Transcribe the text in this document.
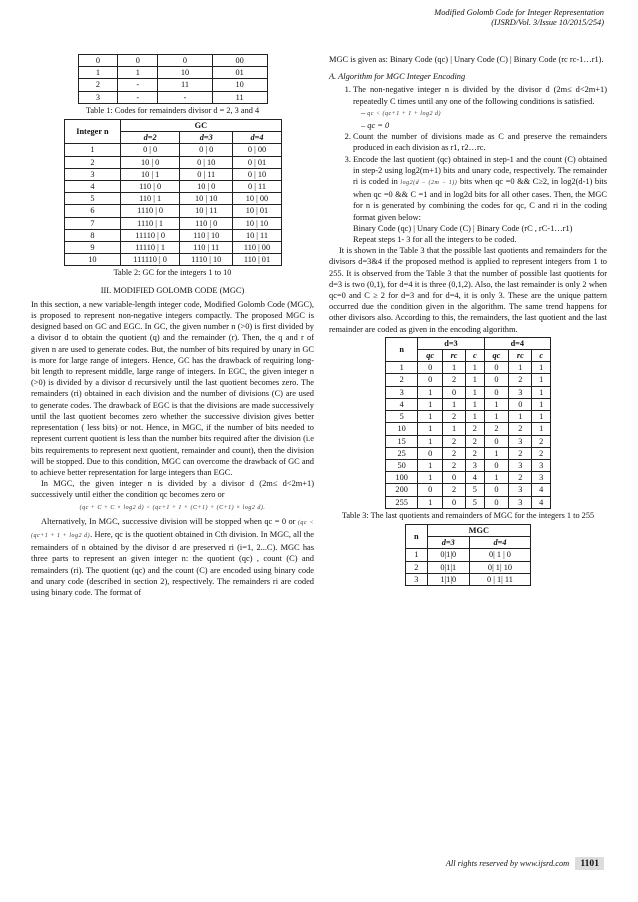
Modified Golomb Code for Integer Representation
(IJSRD/Vol. 3/Issue 10/2015/254)
0	0	0	00
1	1	10	01
2	-	11	10
3	-	-	11
Table 1: Codes for remainders divisor d = 2, 3 and 4
Integer n	GC		
	d=2	d=3	d=4
1	0 | 0	0 | 0	0 | 00
2	10 | 0	0 | 10	0 | 01
3	10 | 1	0 | 11	0 | 10
4	110 | 0	10 | 0	0 | 11
5	110 | 1	10 | 10	10 | 00
6	1110 | 0	10 | 11	10 | 01
7	1110 | 1	110 | 0	10 | 10
8	11110 | 0	110 | 10	10 | 11
9	11110 | 1	110 | 11	110 | 00
10	111110 | 0	1110 | 10	110 | 01
Table 2: GC for the integers 1 to 10
III. MODIFIED GOLOMB CODE (MGC)

In this section, a new variable-length integer code, Modified Golomb Code (MGC), is proposed to represent non-negative integers compactly. The proposed MGC is designed based on GC and EGC. In GC, the given number n (>0) is first divided by a divisor d to obtain the quotient (q) and the remainder (r). Then, the q and r of given n are used to generate codes. But, the number of bits required by unary in GC is more for large range of integers. Hence, GC has the drawback of requiring long-bit length to represent middle, large range of integers. In EGC, the given integer n (>0) is divided by a divisor d recursively until the last quotient becomes zero. The remainders (ri) obtained in each division and the number of divisions (C) are used to generate codes. The drawback of EGC is that the divisions are made successively until the last quotient becomes zero whether the successive division gives better representation ( less bits) or not. Hence, in MGC, if the number of bits needed to represent current quotient is less than the number bits required after the division (i.e bits requirements to represent next quotient, remainder and count), then the division will be stopped. Due to this condition, MGC can overcome the drawback of GC and to achieve better representation for large integers than EGC.

In MGC, the given integer n is divided by a divisor d (2m≤ d<2m+1) successively until either the condition qc becomes zero or

(qc + C + C × log2 d) < (qc+1 + 1 + (C+1) + (C+1) × log2 d).

Alternatively, In MGC, successive division will be stopped when qc = 0 or (qc < (qc+1 + 1 + log2 d). Here, qc is the quotient obtained in Cth division. In MGC, all the remainders of n obtained by the divisor d are preserved ri (i=1, 2...C). MGC has three parts to represent an given integer n: the quotient (qc) , count (C) and remainders (ri). The quotient (qc) and the count (C) are encoded using binary code and unary code (described in section 2), respectively. The remainders ri are coded using binary code. The format of

MGC is given as: Binary Code (qc) | Unary Code (C) | Binary Code (rc rc-1…r1).

A. Algorithm for MGC Integer Encoding
1. The non-negative integer n is divided by the divisor d (2m≤ d<2m+1) repeatedly C times until any one of the following conditions is satisfied.
– qc < (qc+1 + 1 + log2 d)
– qc = 0
2. Count the number of divisions made as C and preserve the remainders produced in each division as r1, r2…rc.
3. Encode the last quotient (qc) obtained in step-1 and the count (C) obtained in step-2 using log2(m+1) bits and unary code, respectively. The remainder ri is coded in log2(d − (2m − 1)) bits when qc =0 && C≥2, in log2(d-1) bits when qc =0 && C =1 and in log2d bits for all other cases. Then, the MGC for n is generated by combining the codes for qc, C and ri in the coding format given below:
Binary Code (qc) | Unary Code (C) | Binary Code (rC , rC-1…r1)

Repeat steps 1- 3 for all the integers to be coded.

It is shown in the Table 3 that the possible last quotients and remainders for the divisors d=3&4 if the proposed method is applied to represent integers from 1 to 255. It is observed from the Table 3 that the number of possible last quotients for d=3 is two (0,1), for d=4 it is three (0,1,2). Also, the last remainder is only 2 when qc=0 and C ≥ 2 for d=3 and for d=4, it is only 3. These are the unique pattern occurred due the condition given in the algorithm. The same trend happens for other divisors also. According to this, the remainders, the last quotient and the last remainder are coded as given in the encoding algorithm.

n	d=3			d=4		
	qc	rc	c	qc	rc	c
1	0	1	1	0	1	1
2	0	2	1	0	2	1
3	1	0	1	0	3	1
4	1	1	1	1	0	1
5	1	2	1	1	1	1
10	1	1	2	2	2	1
15	1	2	2	0	3	2
25	0	2	2	1	2	2
50	1	2	3	0	3	3
100	1	0	4	1	2	3
200	0	2	5	0	3	4
255	1	0	5	0	3	4
Table 3: The last quotients and remainders of MGC for the integers 1 to 255
n	MGC	
	d=3	d=4
1	0|1|0	0| 1 | 0
2	0|1|1	0| 1| 10
3	1|1|0	0 | 1| 11
All rights reserved by www.ijsrd.com 1101
